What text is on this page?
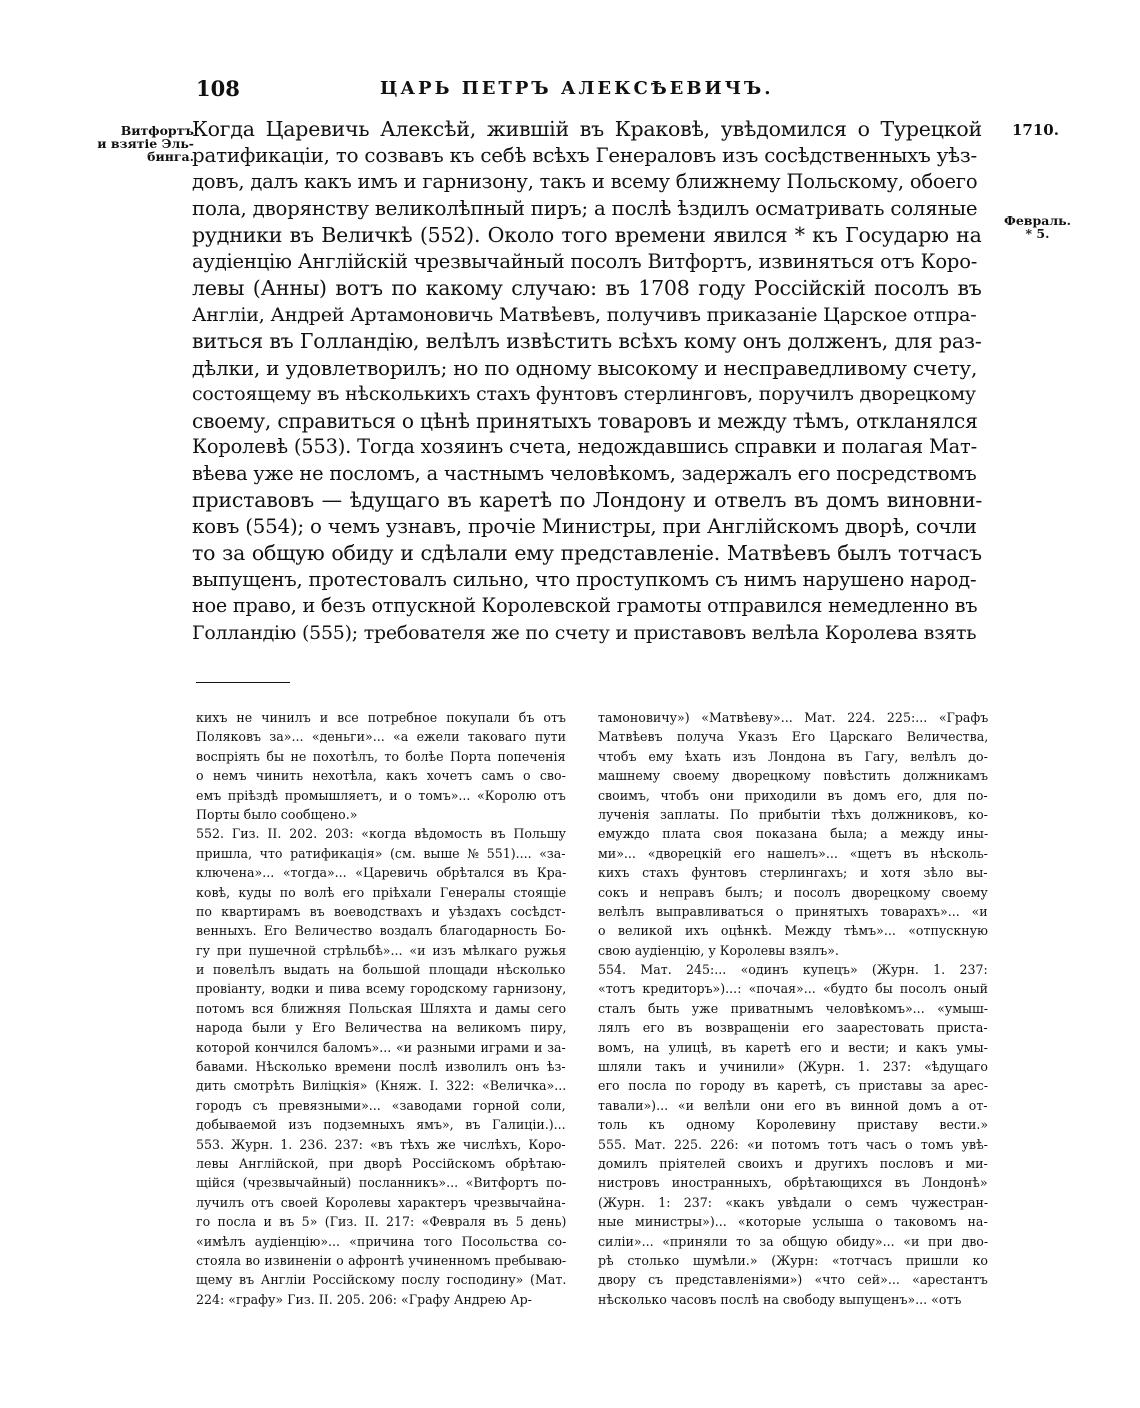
108	ЦАРЬ ПЕТРЪ АЛЕКСѢЕВИЧЪ.
Витфортъ
и взятіе Эль-
бинга.
1710.
Февраль.
* 5.
Когда Царевичь Алексѣй, жившій въ Краковѣ, увѣдомился о Турецкой
ратификаціи, то созвавъ къ себѣ всѣхъ Генераловъ изъ сосѣдственныхъ уѣз-
довъ, далъ какъ имъ и гарнизону, такъ и всему ближнему Польскому, обоего
пола, дворянству великолѣпный пиръ; а послѣ ѣздилъ осматривать соляные
рудники въ Величкѣ (552). Около того времени явился * къ Государю на
аудіенцію Англійскій чрезвычайный посолъ Витфортъ, извиняться отъ Коро-
левы (Анны) вотъ по какому случаю: въ 1708 году Россійскій посолъ въ
Англіи, Андрей Артамоновичь Матвѣевъ, получивъ приказаніе Царское отпра-
виться въ Голландію, велѣлъ извѣстить всѣхъ кому онъ долженъ, для раз-
дѣлки, и удовлетворилъ; но по одному высокому и несправедливому счету,
состоящему въ нѣсколькихъ стахъ фунтовъ стерлинговъ, поручилъ дворецкому
своему, справиться о цѣнѣ принятыхъ товаровъ и между тѣмъ, откланялся
Королевѣ (553). Тогда хозяинъ счета, недождавшись справки и полагая Мат-
вѣева уже не посломъ, а частнымъ человѣкомъ, задержалъ его посредствомъ
приставовъ — ѣдущаго въ каретѣ по Лондону и отвелъ въ домъ виновни-
ковъ (554); о чемъ узнавъ, прочіе Министры, при Англійскомъ дворѣ, сочли
то за общую обиду и сдѣлали ему представленіе. Матвѣевъ былъ тотчасъ
выпущенъ, протестовалъ сильно, что проступкомъ съ нимъ нарушено народ-
ное право, и безъ отпускной Королевской грамоты отправился немедленно въ
Голландію (555); требователя же по счету и приставовъ велѣла Королева взять
кихъ не чинилъ и все потребное покупали бъ отъ
Поляковъ за»... «деньги»... «а ежели таковаго пути
воспріять бы не похотѣлъ, то болѣе Порта попеченія
о немъ чинить нехотѣла, какъ хочетъ самъ о сво-
емъ пріѣздѣ промышляетъ, и о томъ»... «Королю отъ
Порты было сообщено.»
552. Гиз. II. 202. 203: «когда вѣдомость въ Польшу
пришла, что ратификація» (см. выше № 551).... «за-
ключена»... «тогда»... «Царевичь обрѣтался въ Кра-
ковѣ, куды по волѣ его пріѣхали Генералы стоящіе
по квартирамъ въ воеводствахъ и уѣздахъ сосѣдст-
венныхъ. Его Величество воздалъ благодарность Бо-
гу при пушечной стрѣльбѣ»... «и изъ мѣлкаго ружья
и повелѣлъ выдать на большой площади нѣсколько
провіанту, водки и пива всему городскому гарнизону,
потомъ вся ближняя Польская Шляхта и дамы сего
народа были у Его Величества на великомъ пиру,
которой кончился баломъ»... «и разными играми и за-
бавами. Нѣсколько времени послѣ изволилъ онъ ѣз-
дить смотрѣть Виліцкія» (Княж. I. 322: «Величка»...
городъ съ превязными»... «заводами горной соли,
добываемой изъ подземныхъ ямъ», въ Галиціи.)...
553. Журн. 1. 236. 237: «въ тѣхъ же числѣхъ, Коро-
левы Англійской, при дворѣ Россійскомъ обрѣтаю-
щійся (чрезвычайный) посланникъ»... «Витфортъ по-
лучилъ отъ своей Королевы характеръ чрезвычайна-
го посла и въ 5» (Гиз. II. 217: «Февраля въ 5 день)
«имѣлъ аудіенцію»... «причина того Посольства со-
стояла во извиненіи о афронтѣ учиненномъ пребываю-
щему въ Англіи Россійскому послу господину» (Мат.
224: «графу» Гиз. II. 205. 206: «Графу Андрею Ар-
тамоновичу») «Матвѣеву»... Мат. 224. 225:... «Графъ
Матвѣевъ получа Указъ Его Царскаго Величества,
чтобъ ему ѣхать изъ Лондона въ Гагу, велѣлъ до-
машнему своему дворецкому повѣстить должникамъ
своимъ, чтобъ они приходили въ домъ его, для по-
лученія заплаты. По прибытіи тѣхъ должниковъ, ко-
емуждо плата своя показана была; а между ины-
ми»... «дворецкій его нашелъ»... «щетъ въ нѣсколь-
кихъ стахъ фунтовъ стерлингахъ; и хотя зѣло вы-
сокъ и неправъ былъ; и посолъ дворецкому своему
велѣлъ выправливаться о принятыхъ товарахъ»... «и
о великой ихъ оцѣнкѣ. Между тѣмъ»... «отпускную
свою аудіенцію, у Королевы взялъ».
554. Мат. 245:... «одинъ купецъ» (Журн. 1. 237:
«тотъ кредиторъ»)...: «почая»... «будто бы посолъ оный
сталъ быть уже приватнымъ человѣкомъ»... «умыш-
лялъ его въ возвращеніи его заарестовать приста-
вомъ, на улицѣ, въ каретѣ его и вести; и какъ умы-
шляли такъ и учинили» (Журн. 1. 237: «ѣдущаго
его посла по городу въ каретѣ, съ приставы за арес-
тавали»)... «и велѣли они его въ винной домъ а от-
толь къ одному Королевину приставу вести.»
555. Мат. 225. 226: «и потомъ тотъ часъ о томъ увѣ-
домилъ пріятелей своихъ и другихъ пословъ и ми-
нистровъ иностранныхъ, обрѣтающихся въ Лондонѣ»
(Журн. 1: 237: «какъ увѣдали о семъ чужестран-
ные министры»)... «которые услыша о таковомъ на-
силіи»... «приняли то за общую обиду»... «и при дво-
рѣ столько шумѣли.» (Журн: «тотчасъ пришли ко
двору съ представленіями») «что сей»... «арестантъ
нѣсколько часовъ послѣ на свободу выпущенъ»... «отъ
